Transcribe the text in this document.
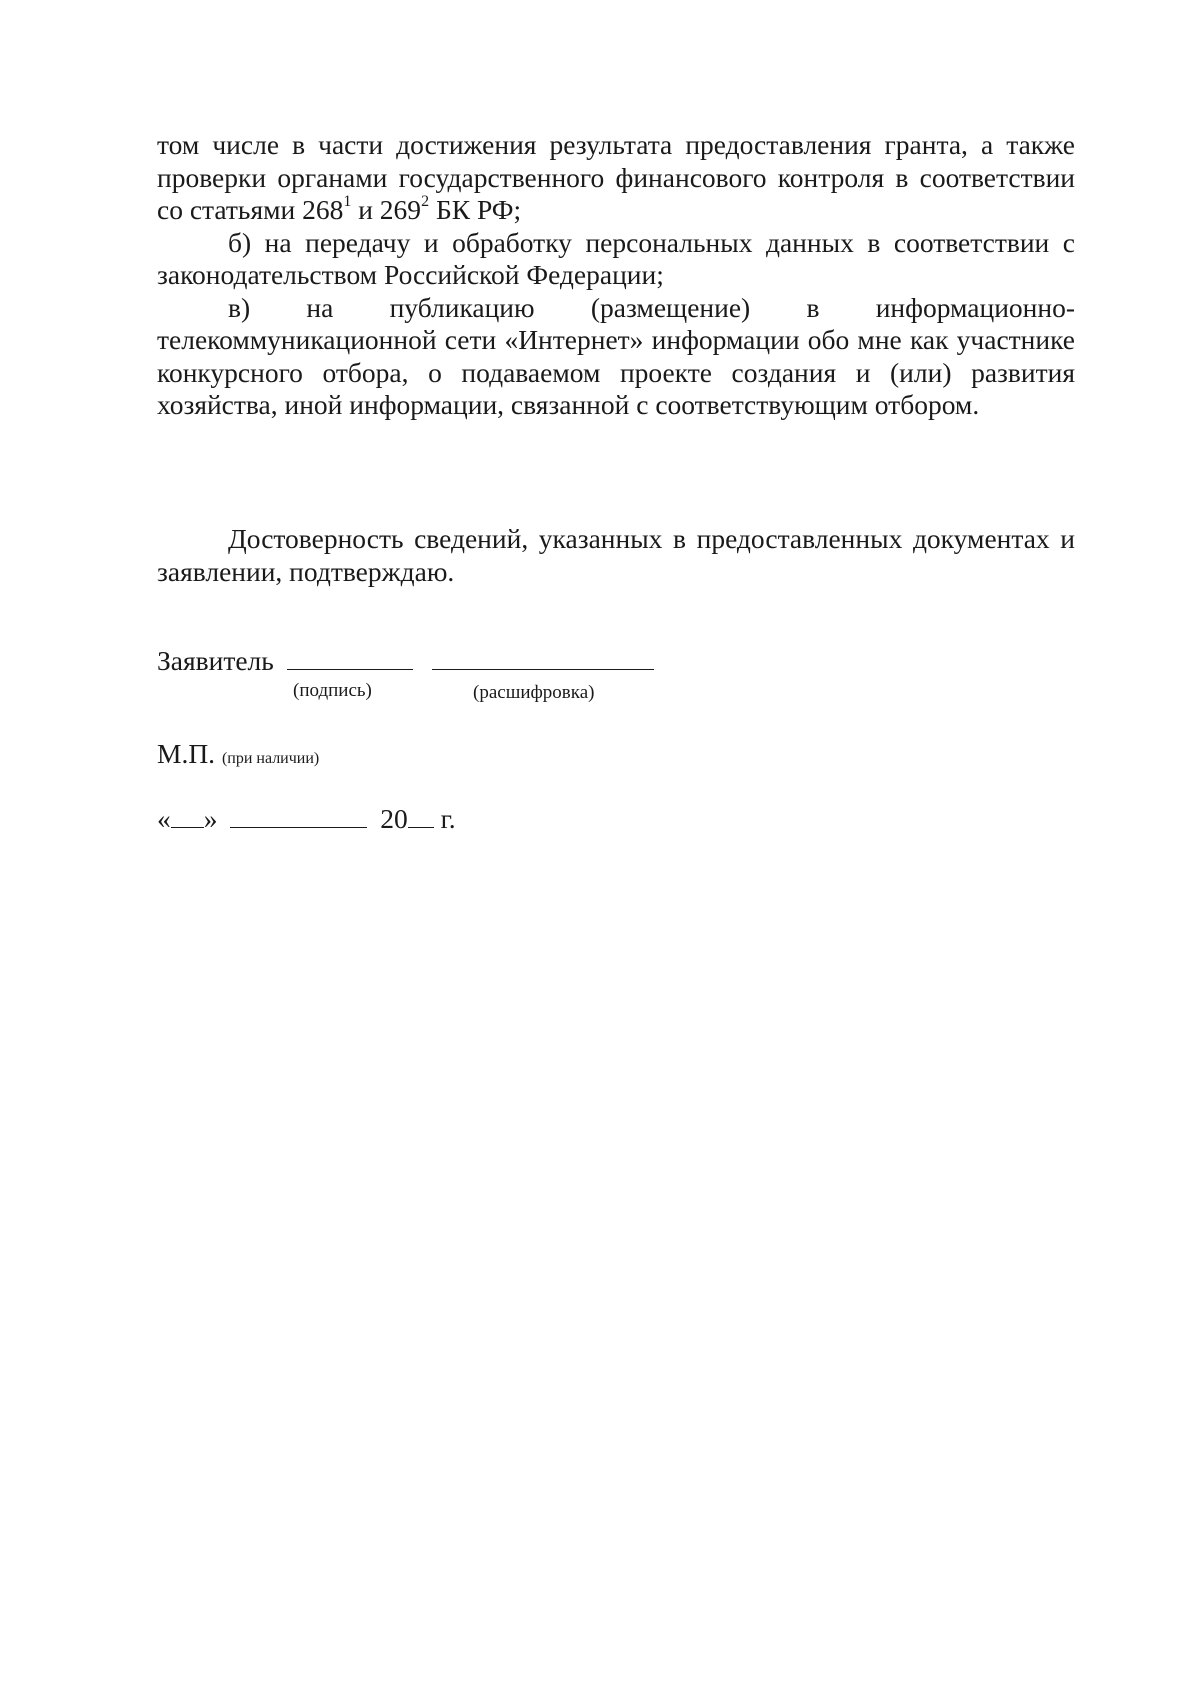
том числе в части достижения результата предоставления гранта, а также проверки органами государственного финансового контроля в соответствии со статьями $268^1$ и $269^2$ БК РФ;

б) на передачу и обработку персональных данных в соответствии с законодательством Российской Федерации;

в) на публикацию (размещение) в информационно-телекоммуникационной сети «Интернет» информации обо мне как участнике конкурсного отбора, о подаваемом проекте создания и (или) развития хозяйства, иной информации, связанной с соответствующим отбором.

Достоверность сведений, указанных в предоставленных документах и заявлении, подтверждаю.

Заявитель
(подпись)	(расшифровка)
М.П. (при наличии)
« »	20 г.
